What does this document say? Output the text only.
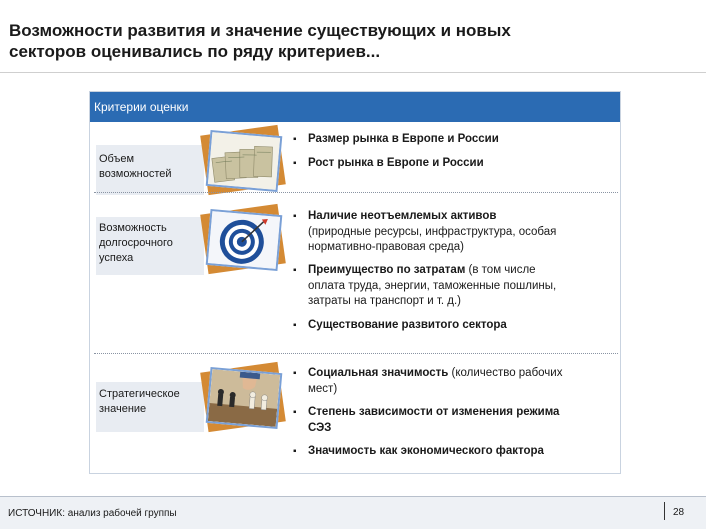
Возможности развития и значение существующих и новых
секторов оценивались по ряду критериев...
Критерии оценки
Объем
возможностей
▪ Размер рынка в Европе и России
▪ Рост рынка в Европе и России
Возможность
долгосрочного
успеха
▪ Наличие неотъемлемых активов
(природные ресурсы, инфраструктура, особая
нормативно-правовая среда)
▪ Преимущество по затратам (в том числе
оплата труда, энергии, таможенные пошлины,
затраты на транспорт и т. д.)
▪ Существование развитого сектора
Стратегическое
значение
▪ Социальная значимость (количество рабочих
мест)
▪ Степень зависимости от изменения режима
СЭЗ
▪ Значимость как экономического фактора
ИСТОЧНИК: анализ рабочей группы	28
